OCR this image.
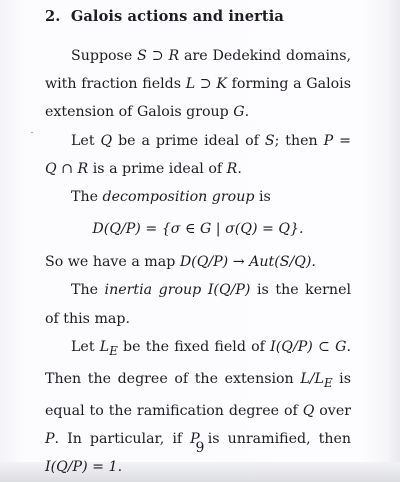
2. Galois actions and inertia

Suppose S ⊃ R are Dedekind domains, with fraction fields L ⊃ K forming a Galois extension of Galois group G.

Let Q be a prime ideal of S; then P = Q ∩ R is a prime ideal of R.

The decomposition group is

D(Q/P) = {σ ∈ G | σ(Q) = Q}.

So we have a map D(Q/P) → Aut(S/Q).

The inertia group I(Q/P) is the kernel of this map.

Let $L_E$ be the fixed field of I(Q/P) ⊂ G. Then the degree of the extension $L/L_E$ is equal to the ramification degree of Q over P. In particular, if P is unramified, then I(Q/P) = 1.

9
